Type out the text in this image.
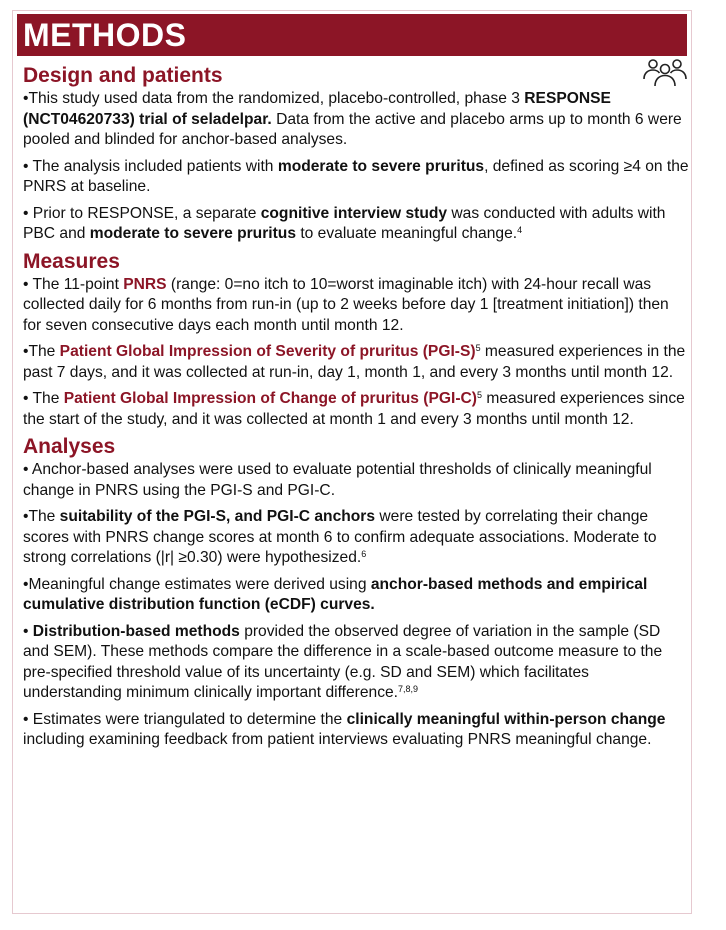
METHODS
Design and patients

•This study used data from the randomized, placebo-controlled, phase 3 RESPONSE (NCT04620733) trial of seladelpar. Data from the active and placebo arms up to month 6 were pooled and blinded for anchor-based analyses.

• The analysis included patients with moderate to severe pruritus, defined as scoring ≥4 on the PNRS at baseline.

• Prior to RESPONSE, a separate cognitive interview study was conducted with adults with PBC and moderate to severe pruritus to evaluate meaningful change.$^4$

Measures

• The 11-point PNRS (range: 0=no itch to 10=worst imaginable itch) with 24-hour recall was collected daily for 6 months from run-in (up to 2 weeks before day 1 [treatment initiation]) then for seven consecutive days each month until month 12.

•The Patient Global Impression of Severity of pruritus $(PGI-S)^5$ measured experiences in the past 7 days, and it was collected at run-in, day 1, month 1, and every 3 months until month 12.

• The Patient Global Impression of Change of pruritus $(PGI-C)^5$ measured experiences since the start of the study, and it was collected at month 1 and every 3 months until month 12.

Analyses

• Anchor-based analyses were used to evaluate potential thresholds of clinically meaningful change in PNRS using the PGI-S and PGI-C.

•The suitability of the PGI-S, and PGI-C anchors were tested by correlating their change scores with PNRS change scores at month 6 to confirm adequate associations. Moderate to strong correlations (|r| ≥0.30) were hypothesized.$^6$

•Meaningful change estimates were derived using anchor-based methods and empirical cumulative distribution function (eCDF) curves.

• Distribution-based methods provided the observed degree of variation in the sample (SD and SEM). These methods compare the difference in a scale-based outcome measure to the pre-specified threshold value of its uncertainty (e.g. SD and SEM) which facilitates understanding minimum clinically important difference.$^{7,8,9}$

• Estimates were triangulated to determine the clinically meaningful within-person change including examining feedback from patient interviews evaluating PNRS meaningful change.
